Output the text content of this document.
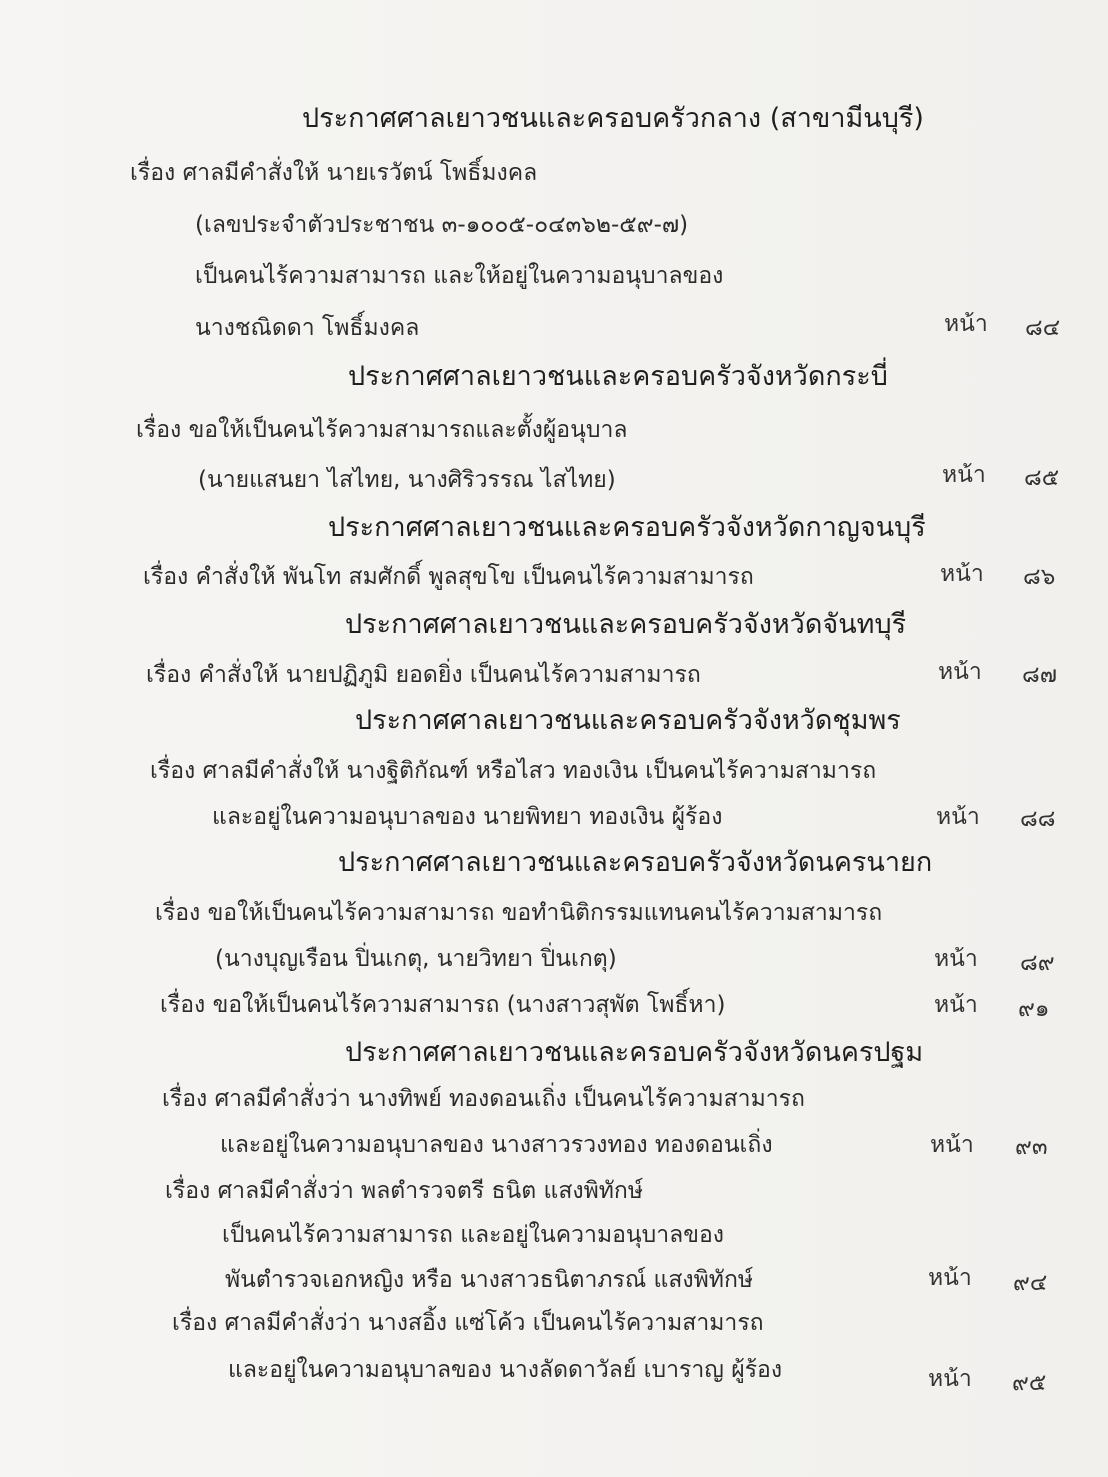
ประกาศศาลเยาวชนและครอบครัวกลาง (สาขามีนบุรี)
เรื่อง ศาลมีคำสั่งให้ นายเรวัตน์ โพธิ์มงคล
(เลขประจำตัวประชาชน ๓-๑๐๐๕-๐๔๓๖๒-๕๙-๗)
เป็นคนไร้ความสามารถ และให้อยู่ในความอนุบาลของ
นางชณิดดา โพธิ์มงคล	หน้า ๘๔
ประกาศศาลเยาวชนและครอบครัวจังหวัดกระบี่
เรื่อง ขอให้เป็นคนไร้ความสามารถและตั้งผู้อนุบาล
(นายแสนยา ไสไทย, นางศิริวรรณ ไสไทย)	หน้า ๘๕
ประกาศศาลเยาวชนและครอบครัวจังหวัดกาญจนบุรี
เรื่อง คำสั่งให้ พันโท สมศักดิ์ พูลสุขโข เป็นคนไร้ความสามารถ	หน้า ๘๖
ประกาศศาลเยาวชนและครอบครัวจังหวัดจันทบุรี
เรื่อง คำสั่งให้ นายปฏิภูมิ ยอดยิ่ง เป็นคนไร้ความสามารถ	หน้า ๘๗
ประกาศศาลเยาวชนและครอบครัวจังหวัดชุมพร
เรื่อง ศาลมีคำสั่งให้ นางฐิติกัณฑ์ หรือไสว ทองเงิน เป็นคนไร้ความสามารถ
และอยู่ในความอนุบาลของ นายพิทยา ทองเงิน ผู้ร้อง	หน้า ๘๘
ประกาศศาลเยาวชนและครอบครัวจังหวัดนครนายก
เรื่อง ขอให้เป็นคนไร้ความสามารถ ขอทำนิติกรรมแทนคนไร้ความสามารถ
(นางบุญเรือน ปิ่นเกตุ, นายวิทยา ปิ่นเกตุ)	หน้า ๘๙
เรื่อง ขอให้เป็นคนไร้ความสามารถ (นางสาวสุพัต โพธิ์หา)	หน้า ๙๑
ประกาศศาลเยาวชนและครอบครัวจังหวัดนครปฐม
เรื่อง ศาลมีคำสั่งว่า นางทิพย์ ทองดอนเถิ่ง เป็นคนไร้ความสามารถ
และอยู่ในความอนุบาลของ นางสาวรวงทอง ทองดอนเถิ่ง	หน้า ๙๓
เรื่อง ศาลมีคำสั่งว่า พลตำรวจตรี ธนิต แสงพิทักษ์
เป็นคนไร้ความสามารถ และอยู่ในความอนุบาลของ
พันตำรวจเอกหญิง หรือ นางสาวธนิตาภรณ์ แสงพิทักษ์	หน้า ๙๔
เรื่อง ศาลมีคำสั่งว่า นางสอิ้ง แซ่โค้ว เป็นคนไร้ความสามารถ
และอยู่ในความอนุบาลของ นางลัดดาวัลย์ เบาราญ ผู้ร้อง	หน้า ๙๕
